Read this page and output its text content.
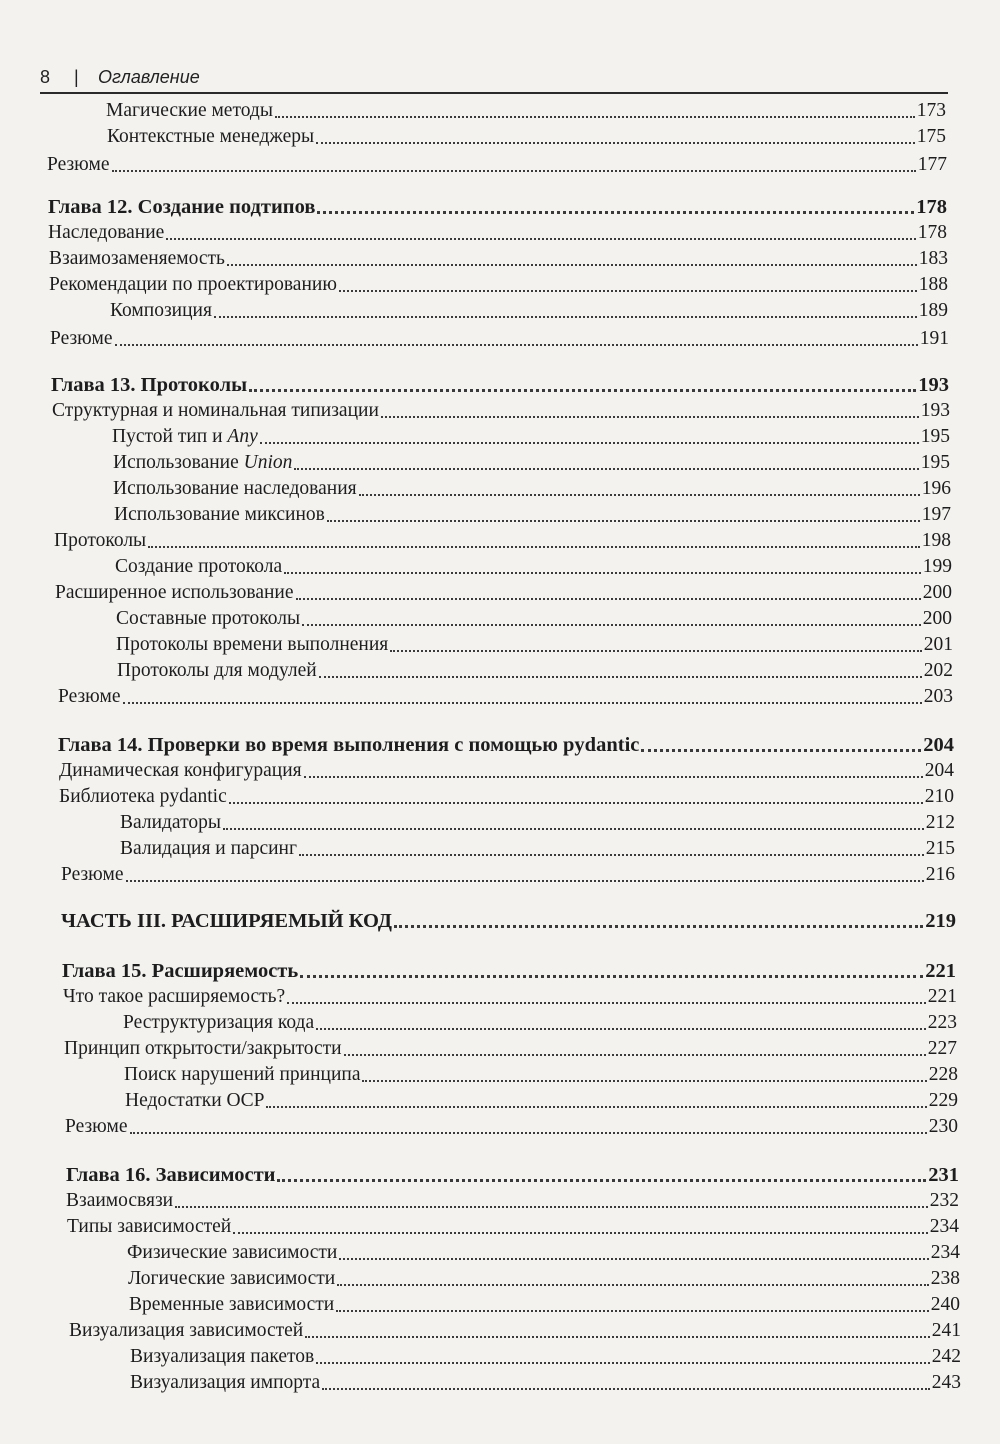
8 | Оглавление
Магические методы	173
Контекстные менеджеры	175
Резюме	177
Глава 12. Создание подтипов	178
Наследование	178
Взаимозаменяемость	183
Рекомендации по проектированию	188
Композиция	189
Резюме	191
Глава 13. Протоколы	193
Структурная и номинальная типизации	193
Пустой тип и Any	195
Использование Union	195
Использование наследования	196
Использование миксинов	197
Протоколы	198
Создание протокола	199
Расширенное использование	200
Составные протоколы	200
Протоколы времени выполнения	201
Протоколы для модулей	202
Резюме	203
Глава 14. Проверки во время выполнения с помощью pydantic	204
Динамическая конфигурация	204
Библиотека pydantic	210
Валидаторы	212
Валидация и парсинг	215
Резюме	216
ЧАСТЬ III. РАСШИРЯЕМЫЙ КОД	219
Глава 15. Расширяемость	221
Что такое расширяемость?	221
Реструктуризация кода	223
Принцип открытости/закрытости	227
Поиск нарушений принципа	228
Недостатки OCP	229
Резюме	230
Глава 16. Зависимости	231
Взаимосвязи	232
Типы зависимостей	234
Физические зависимости	234
Логические зависимости	238
Временные зависимости	240
Визуализация зависимостей	241
Визуализация пакетов	242
Визуализация импорта	243
